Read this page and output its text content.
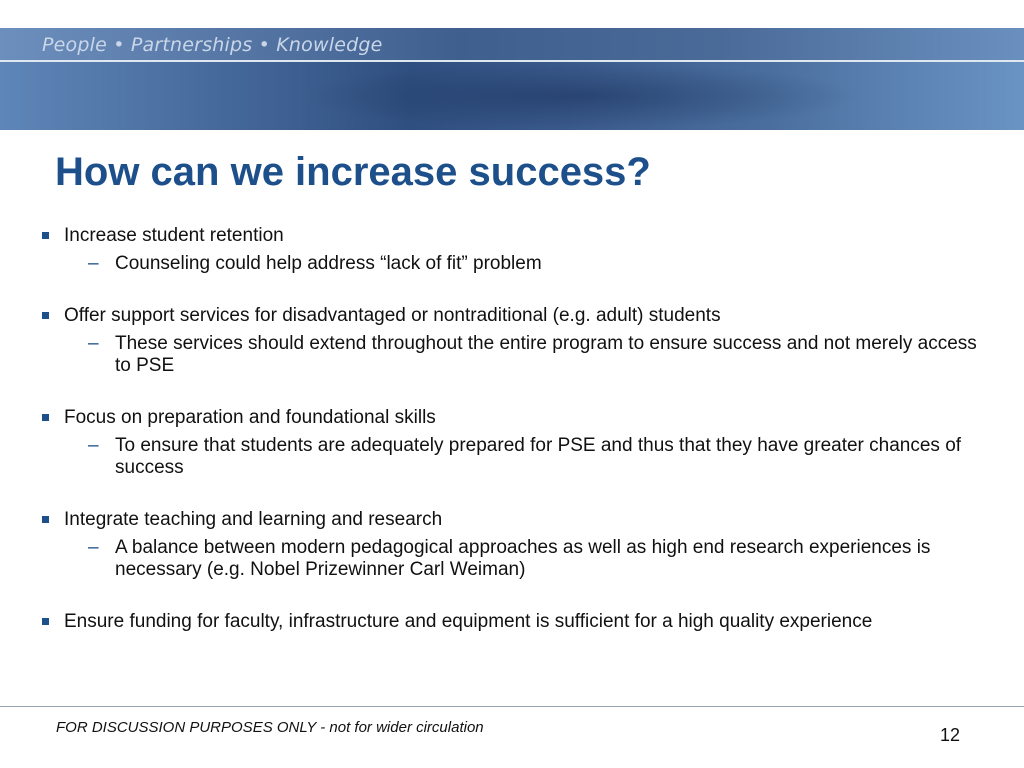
People • Partnerships • Knowledge
How can we increase success?
Increase student retention
– Counseling could help address “lack of fit” problem
Offer support services for disadvantaged or nontraditional (e.g. adult) students
– These services should extend throughout the entire program to ensure success and not merely access to PSE
Focus on preparation and foundational skills
– To ensure that students are adequately prepared for PSE and thus that they have greater chances of success
Integrate teaching and learning and research
– A balance between modern pedagogical approaches as well as high end research experiences is necessary (e.g. Nobel Prizewinner Carl Weiman)
Ensure funding for faculty, infrastructure and equipment is sufficient for a high quality experience
FOR DISCUSSION PURPOSES ONLY - not for wider circulation	12
